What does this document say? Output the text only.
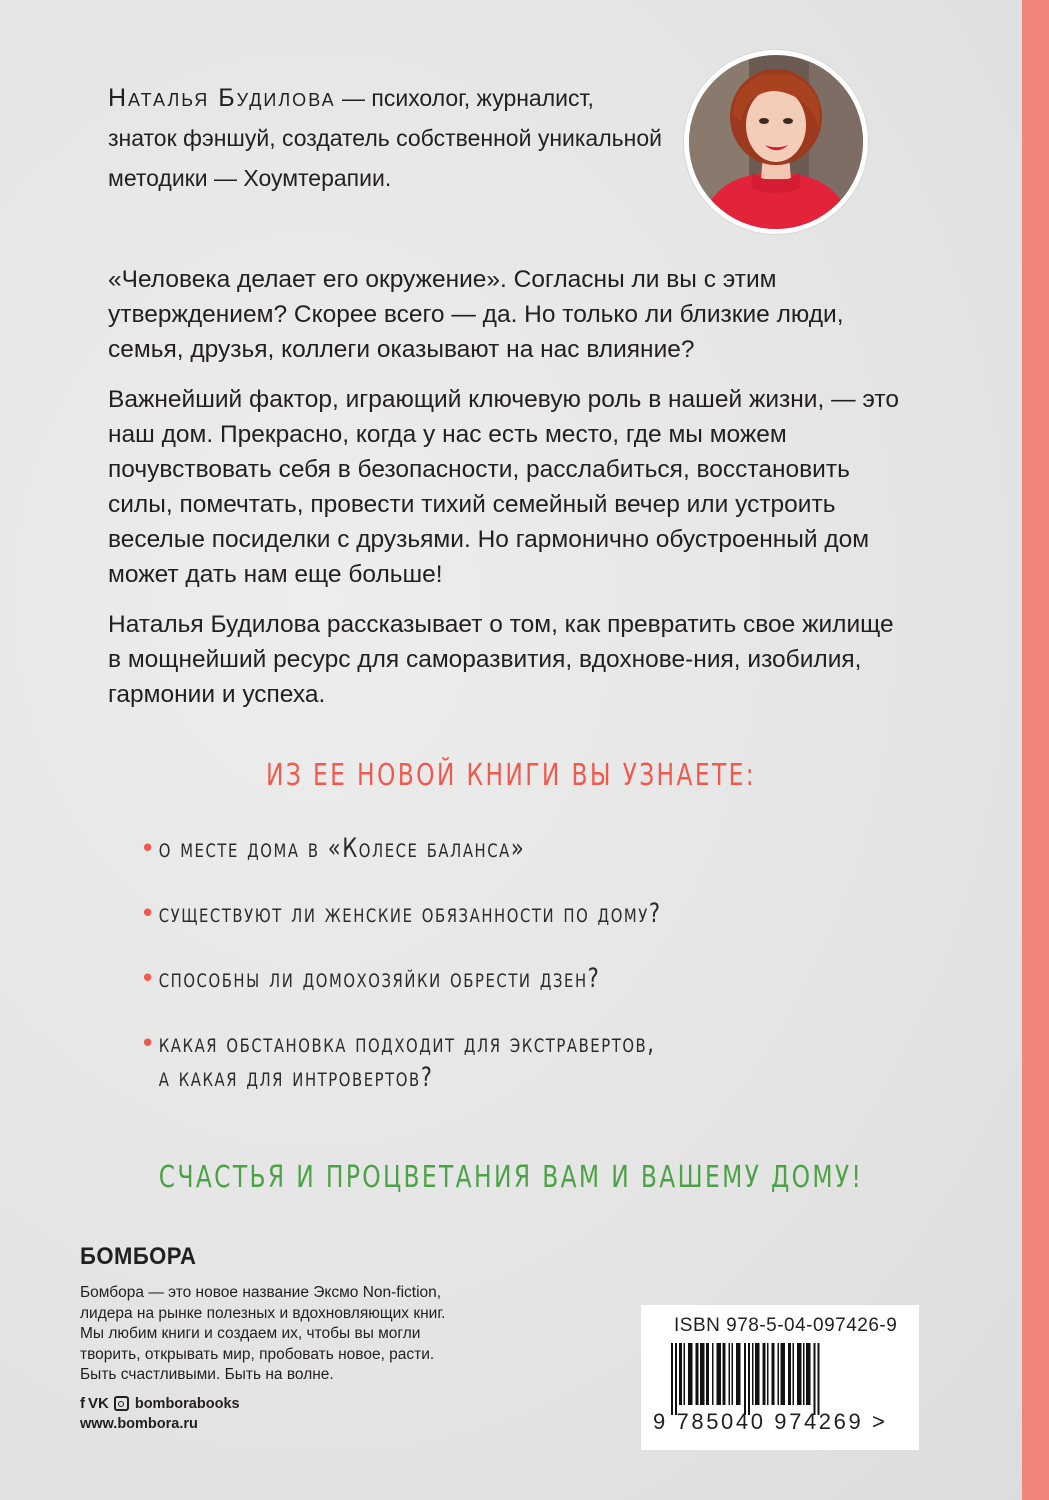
Наталья Будилова — психолог, журналист, знаток фэншуй, создатель собственной уникальной методики — Хоумтерапии.

«Человека делает его окружение». Согласны ли вы с этим утверждением? Скорее всего — да. Но только ли близкие люди, семья, друзья, коллеги оказывают на нас влияние?

Важнейший фактор, играющий ключевую роль в нашей жизни, — это наш дом. Прекрасно, когда у нас есть место, где мы можем почувствовать себя в безопасности, расслабиться, восстановить силы, помечтать, провести тихий семейный вечер или устроить веселые посиделки с друзьями. Но гармонично обустроенный дом может дать нам еще больше!

Наталья Будилова рассказывает о том, как превратить свое жилище в мощнейший ресурс для саморазвития, вдохнове-ния, изобилия, гармонии и успеха.

ИЗ ЕЕ НОВОЙ КНИГИ ВЫ УЗНАЕТЕ:
• о месте дома в «Колесе баланса»
• существуют ли женские обязанности по дому?
• способны ли домохозяйки обрести дзен?
• какая обстановка подходит для экстравертов,
а какая для интровертов?

СЧАСТЬЯ И ПРОЦВЕТАНИЯ ВАМ И ВАШЕМУ ДОМУ!

БОМБОРА

Бомбора — это новое название Эксмо Non-fiction,
лидера на рынке полезных и вдохновляющих книг.
Мы любим книги и создаем их, чтобы вы могли
творить, открывать мир, пробовать новое, расти.
Быть счастливыми. Быть на волне.

f VK bomborabooks
www.bombora.ru
ISBN 978-5-04-097426-9
9 785040 974269 >
